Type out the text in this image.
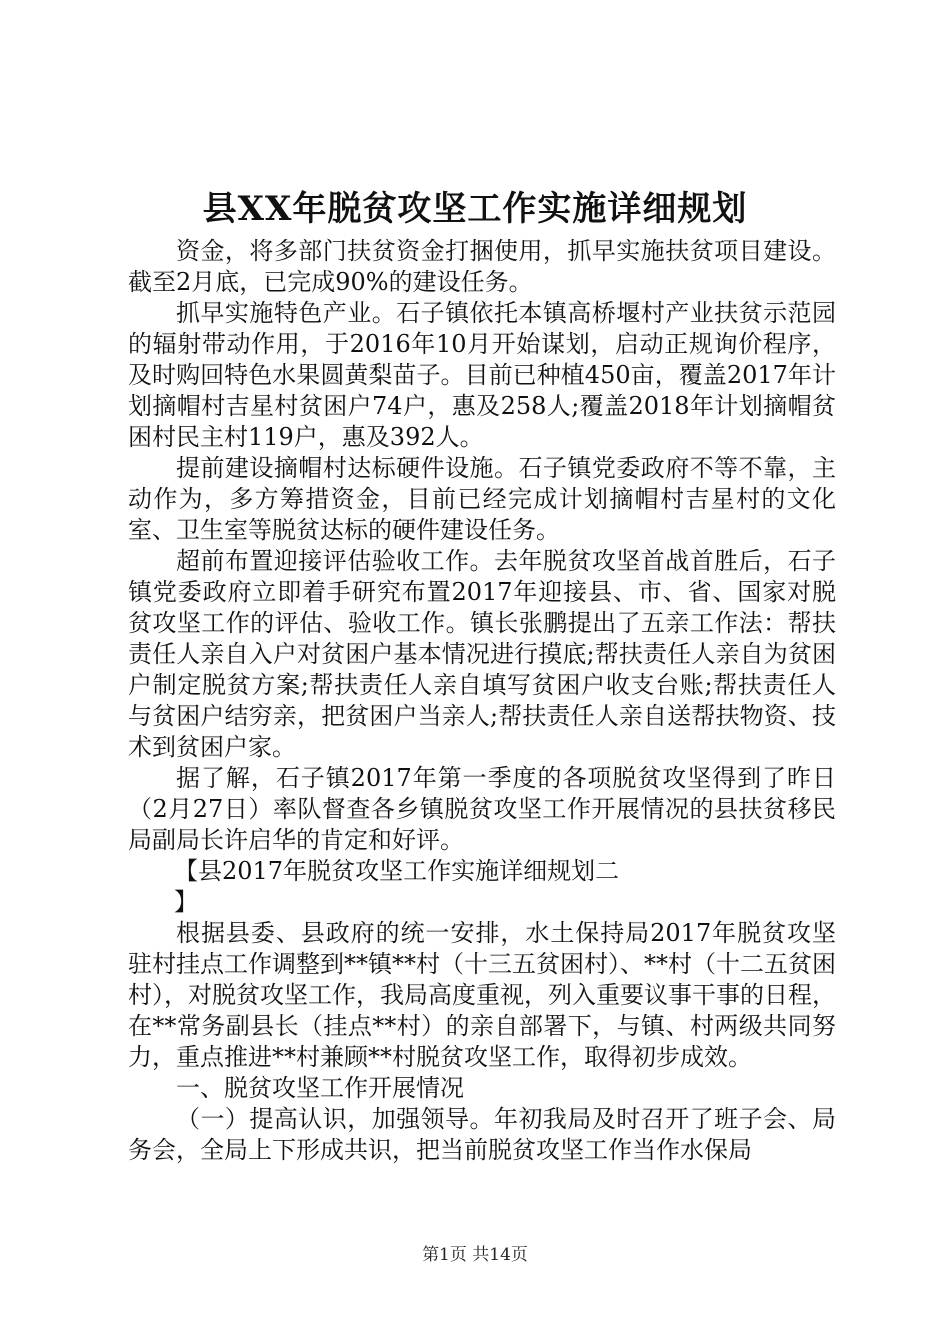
县XX年脱贫攻坚工作实施详细规划

资金，将多部门扶贫资金打捆使用，抓早实施扶贫项目建设。截至2月底，已完成90%的建设任务。

抓早实施特色产业。石子镇依托本镇高桥堰村产业扶贫示范园的辐射带动作用，于2016年10月开始谋划，启动正规询价程序，及时购回特色水果圆黄梨苗子。目前已种植450亩，覆盖2017年计划摘帽村吉星村贫困户74户，惠及258人;覆盖2018年计划摘帽贫困村民主村119户，惠及392人。

提前建设摘帽村达标硬件设施。石子镇党委政府不等不靠，主动作为，多方筹措资金，目前已经完成计划摘帽村吉星村的文化室、卫生室等脱贫达标的硬件建设任务。

超前布置迎接评估验收工作。去年脱贫攻坚首战首胜后，石子镇党委政府立即着手研究布置2017年迎接县、市、省、国家对脱贫攻坚工作的评估、验收工作。镇长张鹏提出了五亲工作法：帮扶责任人亲自入户对贫困户基本情况进行摸底;帮扶责任人亲自为贫困户制定脱贫方案;帮扶责任人亲自填写贫困户收支台账;帮扶责任人与贫困户结穷亲，把贫困户当亲人;帮扶责任人亲自送帮扶物资、技术到贫困户家。

据了解，石子镇2017年第一季度的各项脱贫攻坚得到了昨日（2月27日）率队督查各乡镇脱贫攻坚工作开展情况的县扶贫移民局副局长许启华的肯定和好评。

【县2017年脱贫攻坚工作实施详细规划二
】

根据县委、县政府的统一安排，水土保持局2017年脱贫攻坚驻村挂点工作调整到**镇**村（十三五贫困村）、**村（十二五贫困村），对脱贫攻坚工作，我局高度重视，列入重要议事干事的日程，在**常务副县长（挂点**村）的亲自部署下，与镇、村两级共同努力，重点推进**村兼顾**村脱贫攻坚工作，取得初步成效。

一、脱贫攻坚工作开展情况

（一）提高认识，加强领导。年初我局及时召开了班子会、局务会，全局上下形成共识，把当前脱贫攻坚工作当作水保局

第1页 共14页
